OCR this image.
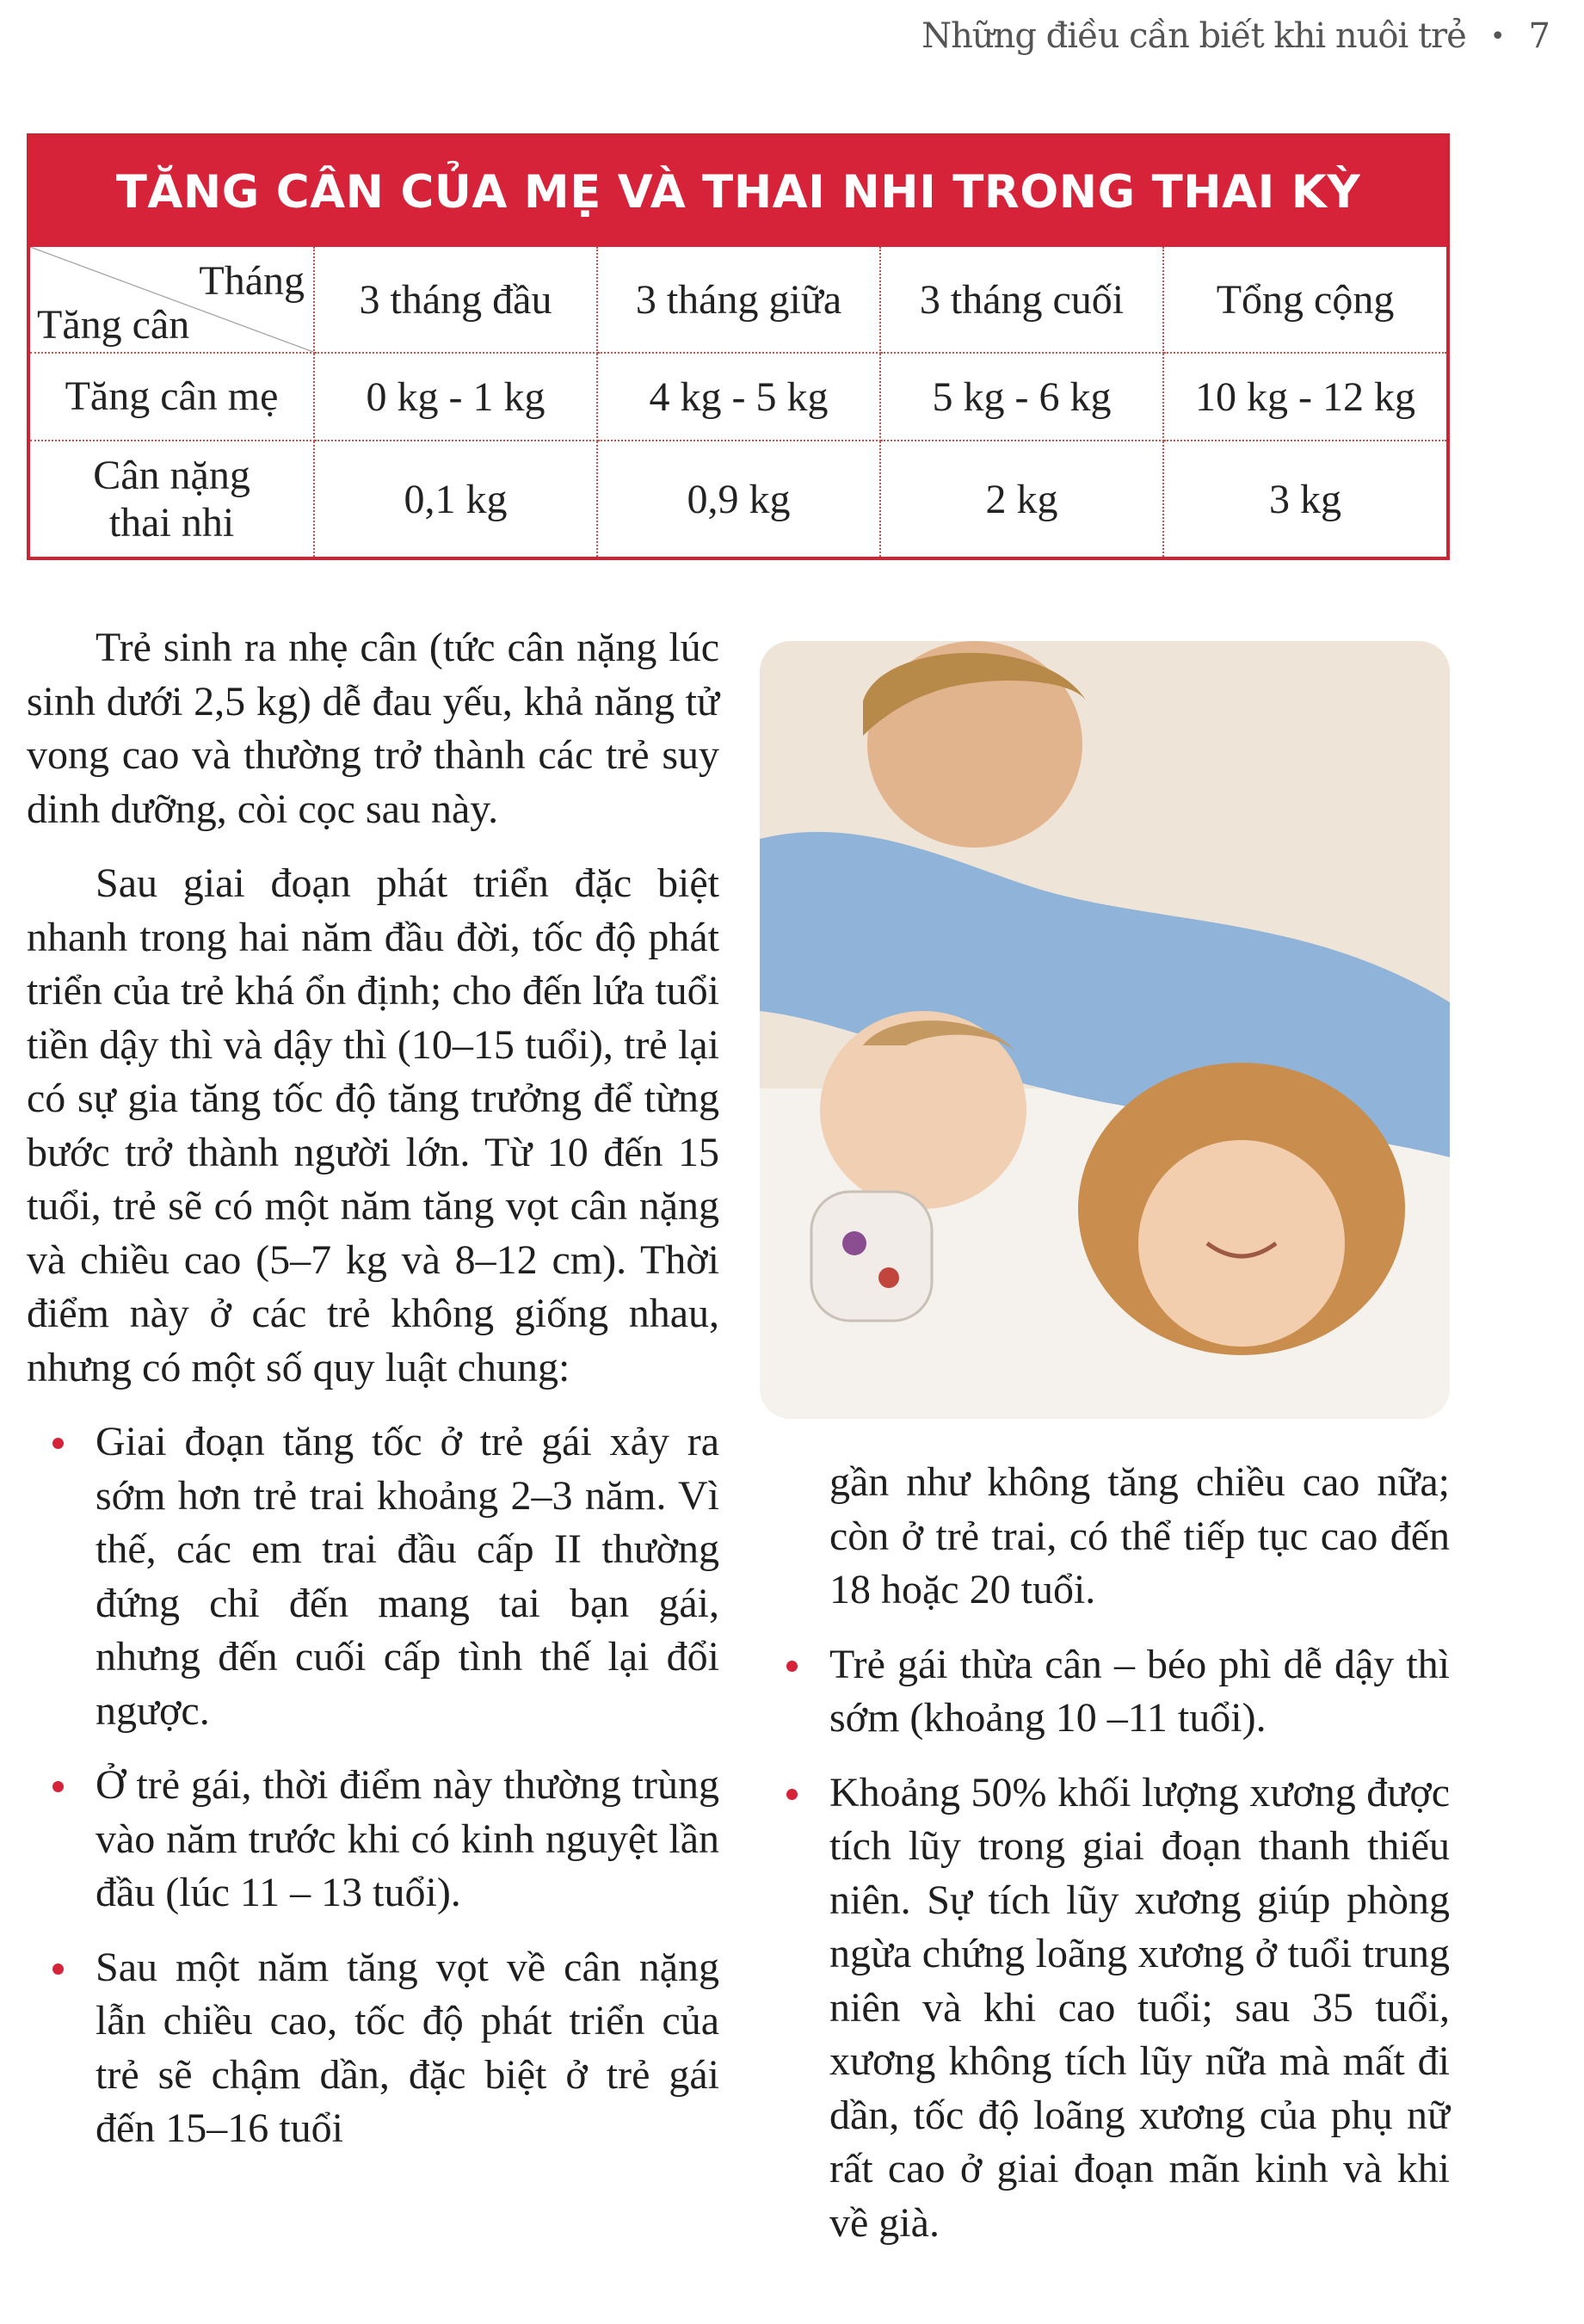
Những điều cần biết khi nuôi trẻ • 7
TĂNG CÂN CỦA MẸ VÀ THAI NHI TRONG THAI KỲ
Tháng
Tăng cân	3 tháng đầu	3 tháng giữa	3 tháng cuối	Tổng cộng
Tăng cân mẹ	0 kg - 1 kg	4 kg - 5 kg	5 kg - 6 kg	10 kg - 12 kg
Cân nặng
thai nhi	0,1 kg	0,9 kg	2 kg	3 kg

Trẻ sinh ra nhẹ cân (tức cân nặng lúc sinh dưới 2,5 kg) dễ đau yếu, khả năng tử vong cao và thường trở thành các trẻ suy dinh dưỡng, còi cọc sau này.

Sau giai đoạn phát triển đặc biệt nhanh trong hai năm đầu đời, tốc độ phát triển của trẻ khá ổn định; cho đến lứa tuổi tiền dậy thì và dậy thì (10–15 tuổi), trẻ lại có sự gia tăng tốc độ tăng trưởng để từng bước trở thành người lớn. Từ 10 đến 15 tuổi, trẻ sẽ có một năm tăng vọt cân nặng và chiều cao (5–7 kg và 8–12 cm). Thời điểm này ở các trẻ không giống nhau, nhưng có một số quy luật chung:

Giai đoạn tăng tốc ở trẻ gái xảy ra sớm hơn trẻ trai khoảng 2–3 năm. Vì thế, các em trai đầu cấp II thường đứng chỉ đến mang tai bạn gái, nhưng đến cuối cấp tình thế lại đổi ngược.
Ở trẻ gái, thời điểm này thường trùng vào năm trước khi có kinh nguyệt lần đầu (lúc 11 – 13 tuổi).
Sau một năm tăng vọt về cân nặng lẫn chiều cao, tốc độ phát triển của trẻ sẽ chậm dần, đặc biệt ở trẻ gái đến 15–16 tuổi

gần như không tăng chiều cao nữa; còn ở trẻ trai, có thể tiếp tục cao đến 18 hoặc 20 tuổi.

Trẻ gái thừa cân – béo phì dễ dậy thì sớm (khoảng 10 –11 tuổi).
Khoảng 50% khối lượng xương được tích lũy trong giai đoạn thanh thiếu niên. Sự tích lũy xương giúp phòng ngừa chứng loãng xương ở tuổi trung niên và khi cao tuổi; sau 35 tuổi, xương không tích lũy nữa mà mất đi dần, tốc độ loãng xương của phụ nữ rất cao ở giai đoạn mãn kinh và khi về già.
